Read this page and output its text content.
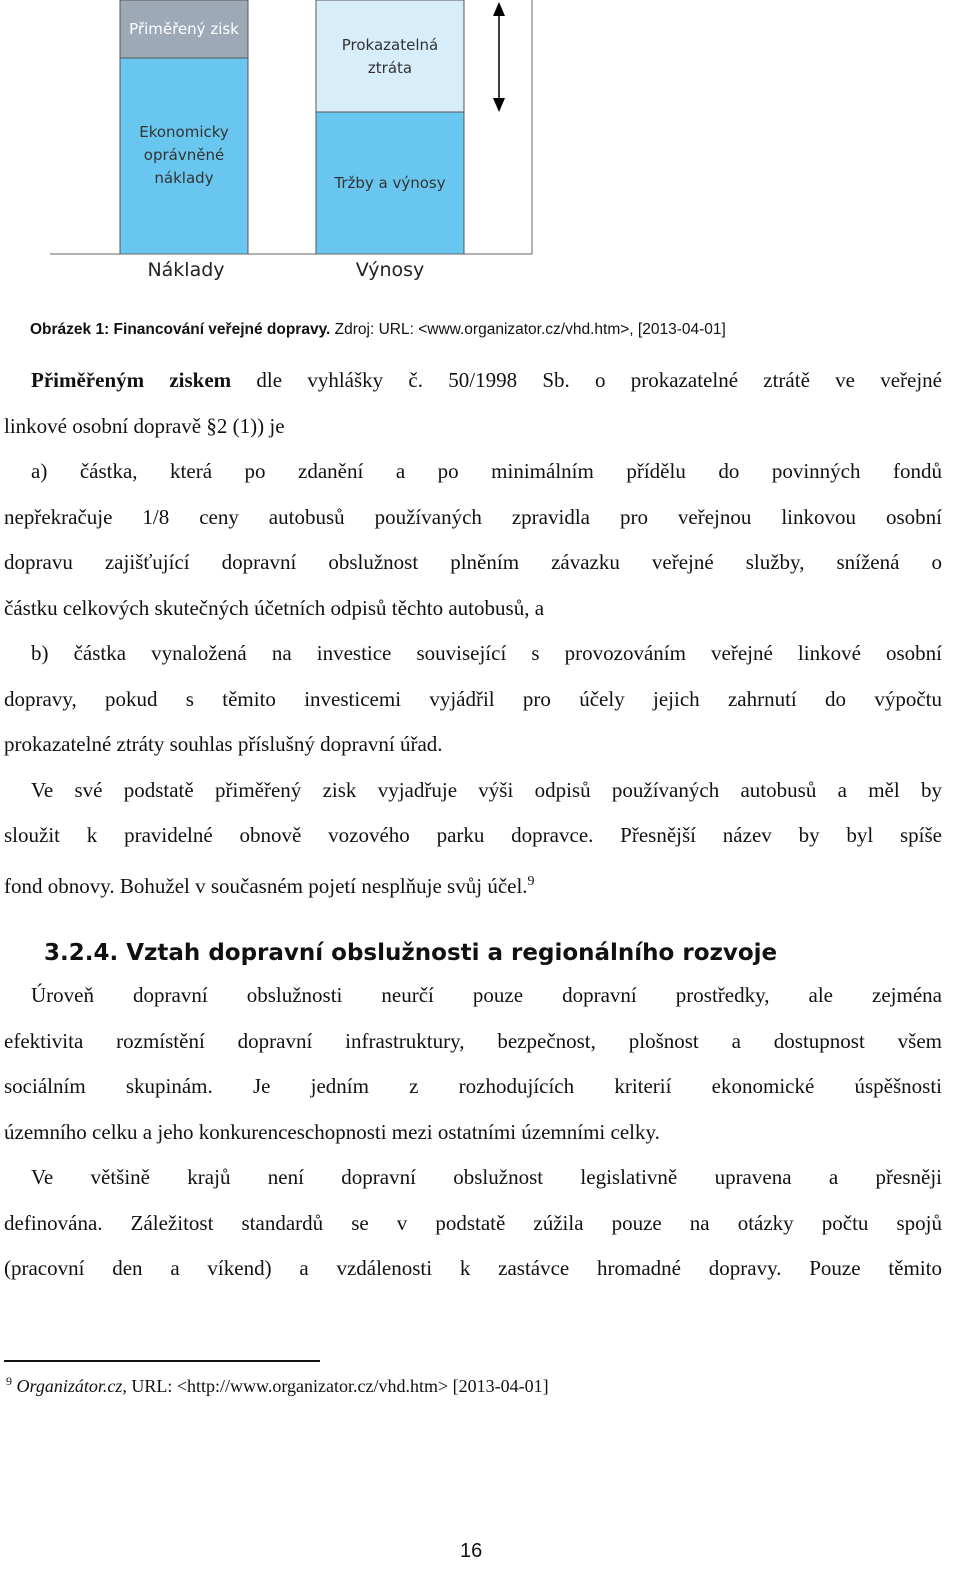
Přiměřený zisk
Ekonomicky
oprávněné
náklady
Prokazatelná
ztráta
Tržby a výnosy
Náklady	Výnosy
Obrázek 1: Financování veřejné dopravy. Zdroj: URL: <www.organizator.cz/vhd.htm>, [2013-04-01]
Přiměřeným ziskem dle vyhlášky č. 50/1998 Sb. o prokazatelné ztrátě ve veřejné
linkové osobní dopravě §2 (1)) je
a) částka, která po zdanění a po minimálním přídělu do povinných fondů
nepřekračuje 1/8 ceny autobusů používaných zpravidla pro veřejnou linkovou osobní
dopravu zajišťující dopravní obslužnost plněním závazku veřejné služby, snížená o
částku celkových skutečných účetních odpisů těchto autobusů, a
b) částka vynaložená na investice související s provozováním veřejné linkové osobní
dopravy, pokud s těmito investicemi vyjádřil pro účely jejich zahrnutí do výpočtu
prokazatelné ztráty souhlas příslušný dopravní úřad.
Ve své podstatě přiměřený zisk vyjadřuje výši odpisů používaných autobusů a měl by
sloužit k pravidelné obnově vozového parku dopravce. Přesnější název by byl spíše
fond obnovy. Bohužel v současném pojetí nesplňuje svůj účel.$^9$
3.2.4. Vztah dopravní obslužnosti a regionálního rozvoje
Úroveň dopravní obslužnosti neurčí pouze dopravní prostředky, ale zejména
efektivita rozmístění dopravní infrastruktury, bezpečnost, plošnost a dostupnost všem
sociálním skupinám. Je jedním z rozhodujících kriterií ekonomické úspěšnosti
územního celku a jeho konkurenceschopnosti mezi ostatními územními celky.
Ve většině krajů není dopravní obslužnost legislativně upravena a přesněji
definována. Záležitost standardů se v podstatě zúžila pouze na otázky počtu spojů
(pracovní den a víkend) a vzdálenosti k zastávce hromadné dopravy. Pouze těmito
$^9$ Organizátor.cz, URL: <http://www.organizator.cz/vhd.htm> [2013-04-01]
16
